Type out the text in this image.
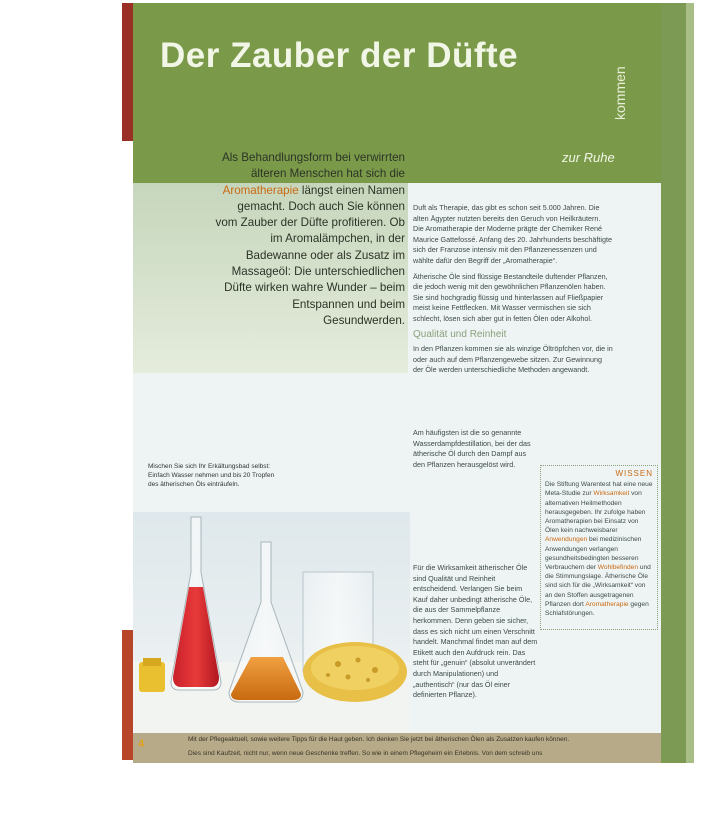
Der Zauber der Düfte
kommen
zur Ruhe
Als Behandlungsform bei verwirrten älteren Menschen hat sich die Aromatherapie längst einen Namen gemacht. Doch auch Sie können vom Zauber der Düfte profitieren. Ob im Aromalämpchen, in der Badewanne oder als Zusatz im Massageöl: Die unterschiedlichen Düfte wirken wahre Wunder – beim Entspannen und beim Gesundwerden.

Duft als Therapie, das gibt es schon seit 5.000 Jahren. Die alten Ägypter nutzten bereits den Geruch von Heilkräutern. Die Aromatherapie der Moderne prägte der Chemiker René Maurice Gattefossé. Anfang des 20. Jahrhunderts beschäftigte sich der Franzose intensiv mit den Pflanzenessenzen und wählte dafür den Begriff der „Aromatherapie“.

Ätherische Öle sind flüssige Bestandteile duftender Pflanzen, die jedoch wenig mit den gewöhnlichen Pflanzenölen haben. Sie sind hochgradig flüssig und hinterlassen auf Fließpapier meist keine Fettflecken. Mit Wasser vermischen sie sich schlecht, lösen sich aber gut in fetten Ölen oder Alkohol.

Qualität und Reinheit

In den Pflanzen kommen sie als winzige Öltröpfchen vor, die in oder auch auf dem Pflanzengewebe sitzen. Zur Gewinnung der Öle werden unterschiedliche Methoden angewandt.

Am häufigsten ist die so genannte Wasserdampfdestillation, bei der das ätherische Öl durch den Dampf aus den Pflanzen herausgelöst wird.

Für die Wirksamkeit ätherischer Öle sind Qualität und Reinheit entscheidend. Verlangen Sie beim Kauf daher unbedingt ätherische Öle, die aus der Sammelpflanze herkommen. Denn geben sie sicher, dass es sich nicht um einen Verschnitt handelt. Manchmal findet man auf dem Etikett auch den Aufdruck rein. Das steht für „genuin“ (absolut unverändert durch Manipulationen) und „authentisch“ (nur das Öl einer definierten Pflanze).

WISSEN
Die Stiftung Warentest hat eine neue Meta-Studie zur Wirksamkeit von alternativen Heilmethoden herausgegeben. Ihr zufolge haben Aromatherapien bei Einsatz von Ölen kein nachweisbarer Anwendungen bei medizinischen Anwendungen verlangen gesundheitsbedingten besseren Verbrauchern der Wohlbefinden und die Stimmungslage. Ätherische Öle sind sich für die „Wirksamkeit“ von an den Stoffen ausgetragenen Pflanzen dort Aromatherapie gegen Schlafstörungen.
Mischen Sie sich Ihr Erkältungsbad selbst: Einfach Wasser nehmen und bis 20 Tropfen des ätherischen Öls einträufeln.
4	Mit der Pflegeaktuell, sowie weitere Tipps für die Haut geben. Ich denken Sie jetzt bei ätherischen Ölen als Zusatzen kaufen können.
Dies sind Kaufzeit, nicht nur, wenn neue Geschenke treffen. So wie in einem Pflegeheim ein Erlebnis. Von dem schreib uns
